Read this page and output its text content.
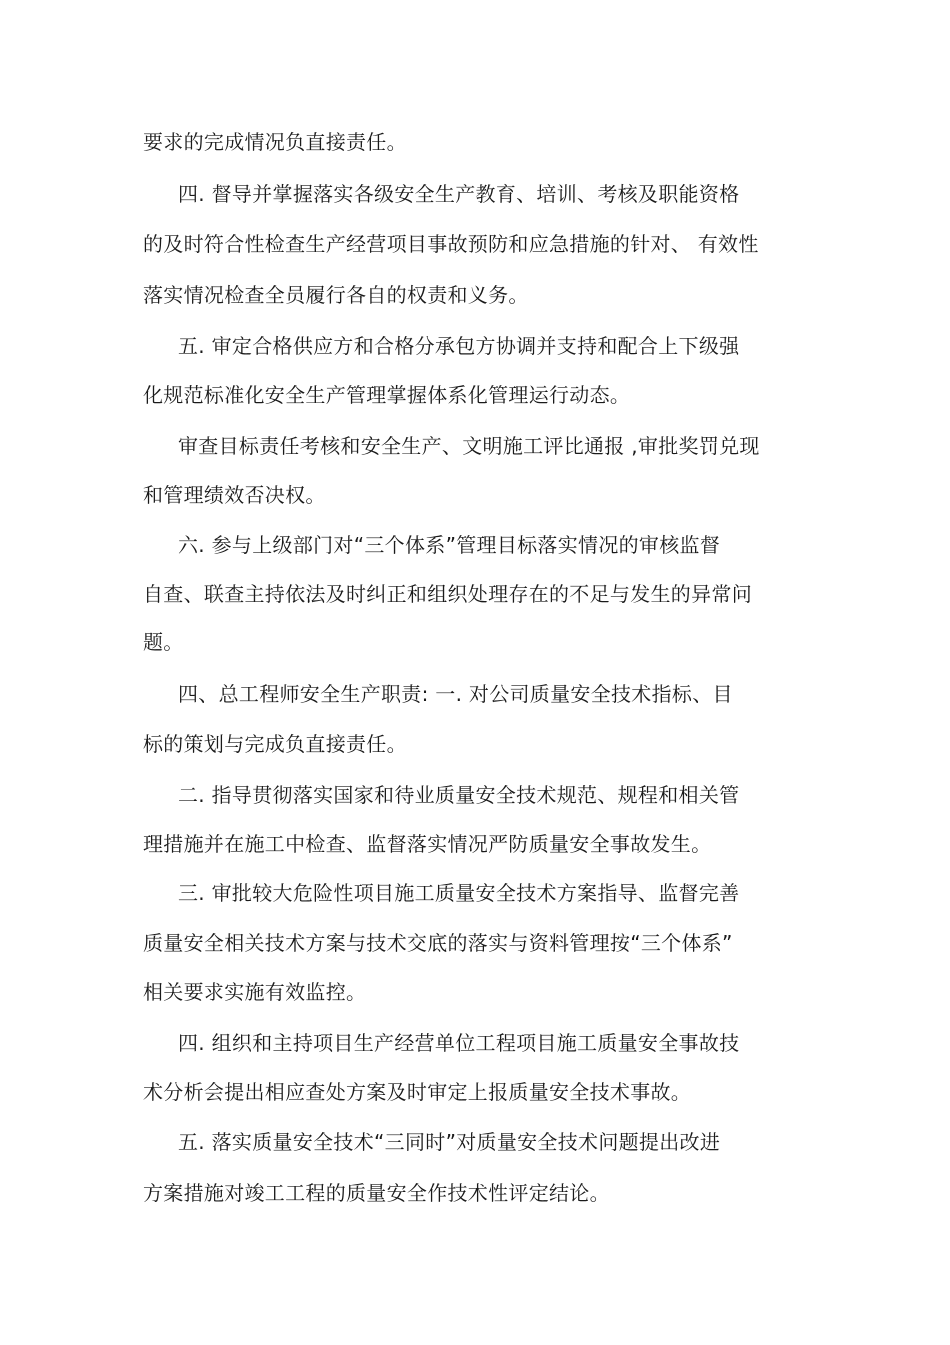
要求的完成情况负直接责任。
四. 督导并掌握落实各级安全生产教育、培训、考核及职能资格
的及时符合性检查生产经营项目事故预防和应急措施的针对、 有效性
落实情况检查全员履行各自的权责和义务。
五. 审定合格供应方和合格分承包方协调并支持和配合上下级强
化规范标准化安全生产管理掌握体系化管理运行动态。
审查目标责任考核和安全生产、文明施工评比通报 ,审批奖罚兑现
和管理绩效否决权。
六. 参与上级部门对“三个体系”管理目标落实情况的审核监督
自查、联查主持依法及时纠正和组织处理存在的不足与发生的异常问
题。
四、总工程师安全生产职责: 一. 对公司质量安全技术指标、目
标的策划与完成负直接责任。
二. 指导贯彻落实国家和待业质量安全技术规范、规程和相关管
理措施并在施工中检查、监督落实情况严防质量安全事故发生。
三. 审批较大危险性项目施工质量安全技术方案指导、监督完善
质量安全相关技术方案与技术交底的落实与资料管理按“三个体系”
相关要求实施有效监控。
四. 组织和主持项目生产经营单位工程项目施工质量安全事故技
术分析会提出相应查处方案及时审定上报质量安全技术事故。
五. 落实质量安全技术“三同时”对质量安全技术问题提出改进
方案措施对竣工工程的质量安全作技术性评定结论。
